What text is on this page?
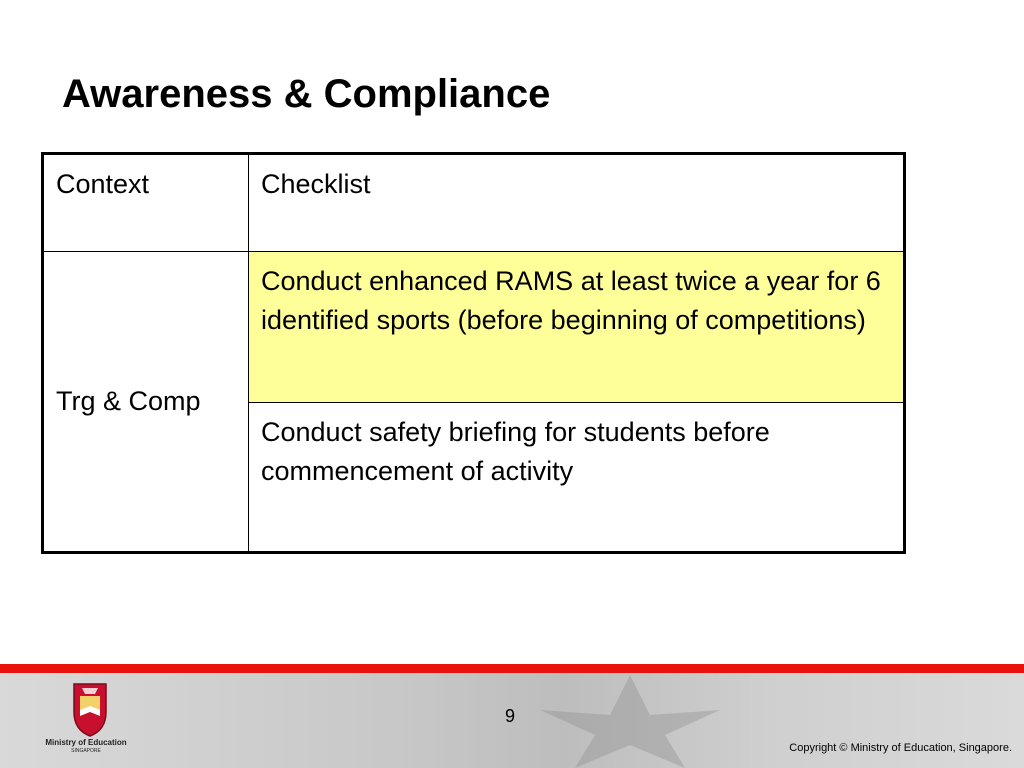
Awareness & Compliance
Context	Checklist
Trg & Comp	Conduct enhanced RAMS at least twice a year for 6 identified sports (before beginning of competitions)
	Conduct safety briefing for students before commencement of activity
Ministry of Education
SINGAPORE
9
Copyright © Ministry of Education, Singapore.
